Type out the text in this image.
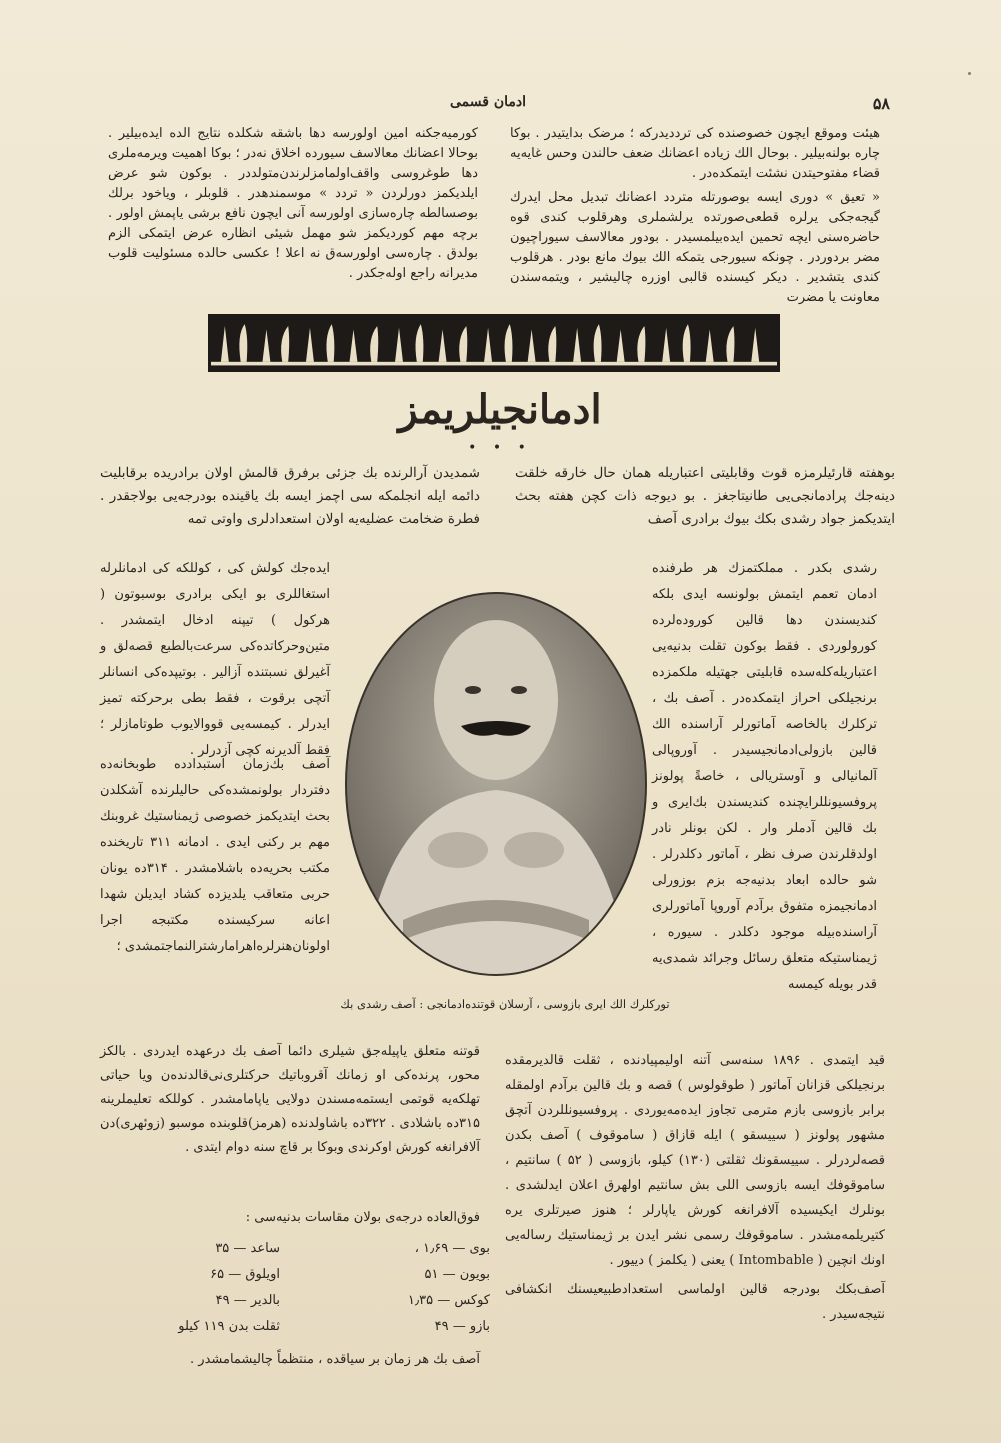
ادمان قسمی	۵۸

هیئت وموقع ایچون خصوصنده کی ترددیدرکه ؛ مرضک بدایتیدر . بوکا چاره بولنه‌بیلیر . بوحال الك زیاده اعضانك ضعف حالندن وحس غایه‌یه قضاء مفتوحیتدن نشئت ایتمکده‌در .

« تعیق » دوری ایسه بوصورتله متردد اعضانك تبدیل محل ایدرك گیجه‌جکی یرلره قطعی‌صورتده یرلشملری وهرقلوب کندی قوه حاضره‌سنی ایچه تحمین ایده‌بیلمسیدر . بودور معالاسف سیوراچیون مضر بردوردر . چونکه سیورجی یتمکه الك بیوك مانع بودر . هرقلوب کندی یتشدیر . دیکر کیسنده قالبی اوزره چالیشیر ، ویتمه‌سندن معاونت یا مضرت

کورمیه‌جکنه امین اولورسه دها باشقه شکلده نتایج الده ایده‌بیلیر . بوحالا اعضانك معالاسف سیورده اخلاق نه‌در ؛ بوکا اهمیت ویرمه‌ملری دها طوغروسی واقف‌اولمامزلرندن‌متولددر . بوکون شو عرض ایلدیکمز دورلردن « تردد » موسمندهدر . قلوبلر ، ویاخود برلك بوصسالطه چاره‌سازی اولورسه آنی ایچون نافع برشی یاپمش اولور . برچه مهم کوردیکمز شو مهمل شیئی انظاره عرض ایتمکی الزم بولدق . چاره‌سی اولورسه‌ق نه اعلا ! عکسی حالده مسئولیت قلوب مدیرانه راجع اوله‌جکدر .

ادمانجیلریمز
• • •
بوهفته قارئیلرمزه قوت وقابلیتی اعتباریله همان حال خارقه خلقت دینه‌جك پرادمانجی‌یی طانیتاجغز . بو دیوجه ذات کچن هفته بحث ایتدیکمز جواد رشدی بکك بیوك برادری آصف
شمدیدن آرالرنده بك جزئی برفرق قالمش اولان برادریده برقابلیت دائمه ایله انجلمکه سی اچمز ایسه بك یاقینده بودرجه‌یی بولاجقدر . فطرة ضخامت عضلیه‌یه اولان استعدادلری واوتی تمه
رشدی بکدر . مملکتمزك هر طرفنده ادمان تعمم ایتمش بولونسه ایدی بلکه کندیسندن دها قالین کوروده‌لرده کورولوردی . فقط بوکون تقلت بدنیه‌یی اعتباریله‌کله‌سده قابلیتی جهتیله ملکمزده برنجیلکی احراز ایتمکده‌در . آصف بك ، ترکلرك بالخاصه آماتورلر آراسنده الك قالین بازولی‌ادمانجیسیدر . آوروپالی آلمانیالی و آوستریالی ، خاصةً پولونز پروفسیونللرایچنده کندیسندن بك‌ایری و بك قالین آدملر وار . لکن بونلر نادر اولدقلرندن صرف نظر ، آماتور دکلدرلر . شو حالده ابعاد بدنیه‌جه بزم بوزورلی ادمانجیمزه متفوق برآدم آوروپا آماتورلری آراسنده‌بیله موجود دکلدر . سیوره ، ژیمناستیکه متعلق رسائل وجرائد شمدی‌یه قدر بویله کیمسه

ایده‌جك کولش کی ، کوللکه کی ادمانلرله استغاللری بو ایکی برادری بوسبوتون ( هرکول ) تیپنه ادخال ایتمشدر . متین‌وحرکاتده‌کی سرعت‌بالطبع قصه‌لق و آغیرلق نسبتنده آزالیر . بوتیپده‌کی انسانلر آتچی برقوت ، فقط بطی برحرکته تمیز ایدرلر . کیمسه‌یی قووالایوب طوتامازلر ؛ فقط آلدیرنه کچی آزدرلر .

تورکلرك الك ایری بازوسی ، آرسلان قوتنده‌ادمانجی : آصف رشدی بك

آصف بك‌زمان استبدادده طوبخانه‌ده دفتردار بولونمشده‌کی حالیلرنده آشکلدن بحث ایتدیکمز خصوصی ژیمناستیك غروبنك مهم بر رکنی ایدی . ادمانه ۳۱۱ تاریخنده مکتب بحریه‌ده باشلامشدر . ۳۱۴ده یونان حربی متعاقب یلدیزده کشاد ایدیلن شهدا اعانه سرکیسنده مکتبجه اجرا اولونان‌هنرلره‌اهرامارشترالنماجتمشدی ؛

قید ایتمدی . ۱۸۹۶ سنه‌سی آتنه اولیمپیادنده ، ثقلت قالدیرمقده برنجیلکی قزانان آماتور ( طوقولوس ) قصه و بك قالین برآدم اولمقله برابر بازوسی بازم مترمی تجاوز ایده‌مه‌یوردی . پروفسیونللردن آتچق مشهور پولونز ( سییسقو ) ایله قازاق ( ساموقوف ) آصف بکدن قصه‌لردرلر . سییسقونك ثقلتی (۱۳۰) کیلو، بازوسی ( ۵۲ ) سانتیم ، ساموقوفك ایسه بازوسی اللی بش سانتیم اولهرق اعلان ایدلشدی . بونلرك ایکیسیده آلافرانغه کورش یاپارلر ؛ هنوز صیرتلری یره کتیریلمه‌مشدر . ساموقوفك رسمی نشر ایدن بر ژیمناستیك رساله‌یی اونك انچین ( Intombable ) یعنی ( یکلمز ) دییور .

آصف‌بکك بودرجه قالین اولماسی استعدادطبیعیسنك انکشافی نتیجه‌سیدر .

قوتنه متعلق یاپیله‌جق شیلری دائما آصف بك درعهده ایدردی . بالکز محور، پرنده‌کی او زمانك آقروباتیك حرکتلری‌نی‌قالدنده‌ن ویا حیاتی تهلکه‌یه قوتمی ایستمه‌مسندن دولایی یاپامامشدر . کوللکه تعلیملرینه ۳۱۵ده باشلادی . ۳۲۲ده باشاولدنده (هرمز)قلوبنده موسبو (زوئهری)دن آلافرانغه کورش اوکرندی وبوکا بر قاچ سنه دوام ایتدی .
فوق‌العاده درجه‌ی بولان مقاسات بدنیه‌سی :
بوی — ۱٫۶۹ ،
ساعد — ۳۵
بویون — ۵۱
اویلوق — ۶۵
کوکس — ۱٫۳۵
بالدیر — ۴۹
بازو — ۴۹
ثقلت بدن ۱۱۹ کیلو
آصف بك هر زمان بر سیاقده ، منتظماً چالیشمامشدر .
